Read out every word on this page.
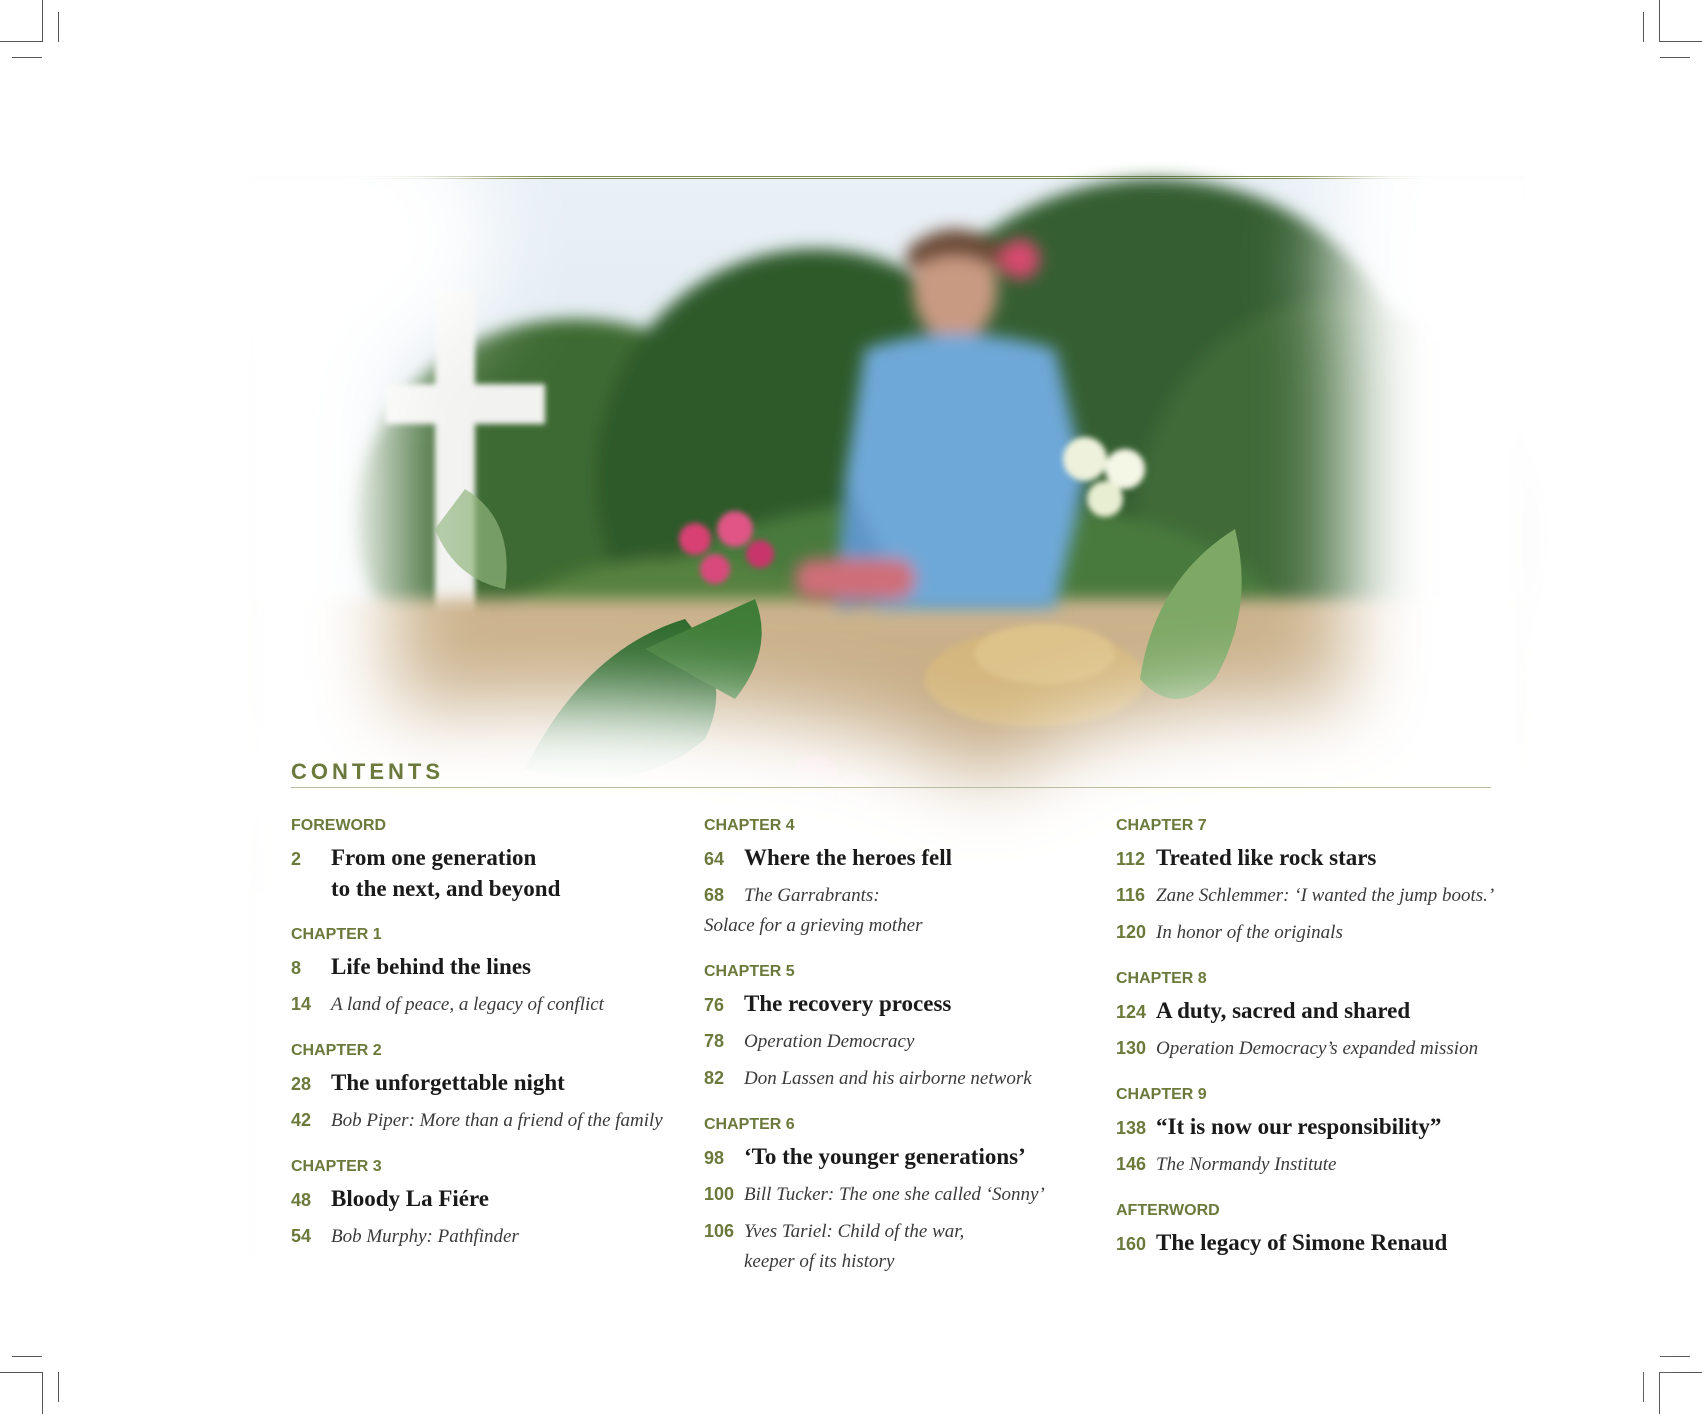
CONTENTS
FOREWORD
2	From one generation
to the next, and beyond
CHAPTER 1
8	Life behind the lines
14	A land of peace, a legacy of conflict
CHAPTER 2
28 The unforgettable night
42	Bob Piper: More than a friend of the family
CHAPTER 3
48 Bloody La Fiére
54	Bob Murphy: Pathfinder
CHAPTER 4
64 Where the heroes fell
68	The Garrabrants:
Solace for a grieving mother
CHAPTER 5
76 The recovery process
78	Operation Democracy
82	Don Lassen and his airborne network
CHAPTER 6
98 ‘To the younger generations’
100 Bill Tucker: The one she called ‘Sonny’
106 Yves Tariel: Child of the war,
keeper of its history
CHAPTER 7
112 Treated like rock stars
116 Zane Schlemmer: ‘I wanted the jump boots.’
120 In honor of the originals
CHAPTER 8
124 A duty, sacred and shared
130 Operation Democracy’s expanded mission
CHAPTER 9
138 “It is now our responsibility”
146 The Normandy Institute
AFTERWORD
160 The legacy of Simone Renaud
